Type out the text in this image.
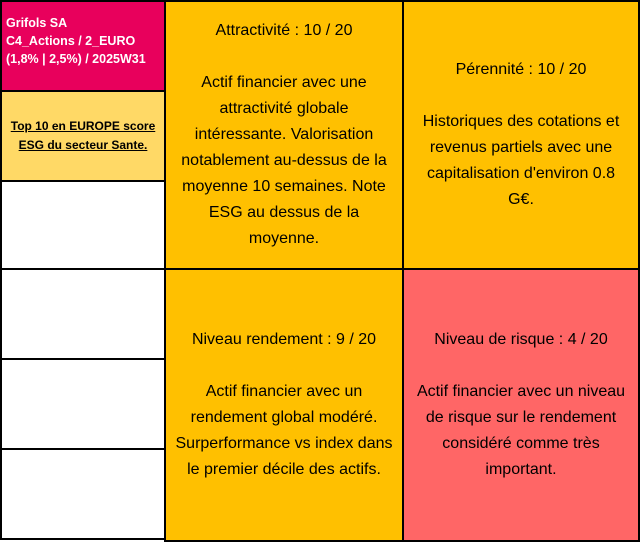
Grifols SA
C4_Actions / 2_EURO
(1,8% | 2,5%) / 2025W31
Top 10 en EUROPE score ESG du secteur Sante.
Attractivité : 10 / 20
Actif financier avec une attractivité globale intéressante. Valorisation notablement au-dessus de la moyenne 10 semaines. Note ESG au dessus de la moyenne.
Pérennité : 10 / 20
Historiques des cotations et revenus partiels avec une capitalisation d'environ 0.8 G€.
Niveau rendement : 9 / 20
Actif financier avec un rendement global modéré. Surperformance vs index dans le premier décile des actifs.
Niveau de risque : 4 / 20
Actif financier avec un niveau de risque sur le rendement considéré comme très important.
